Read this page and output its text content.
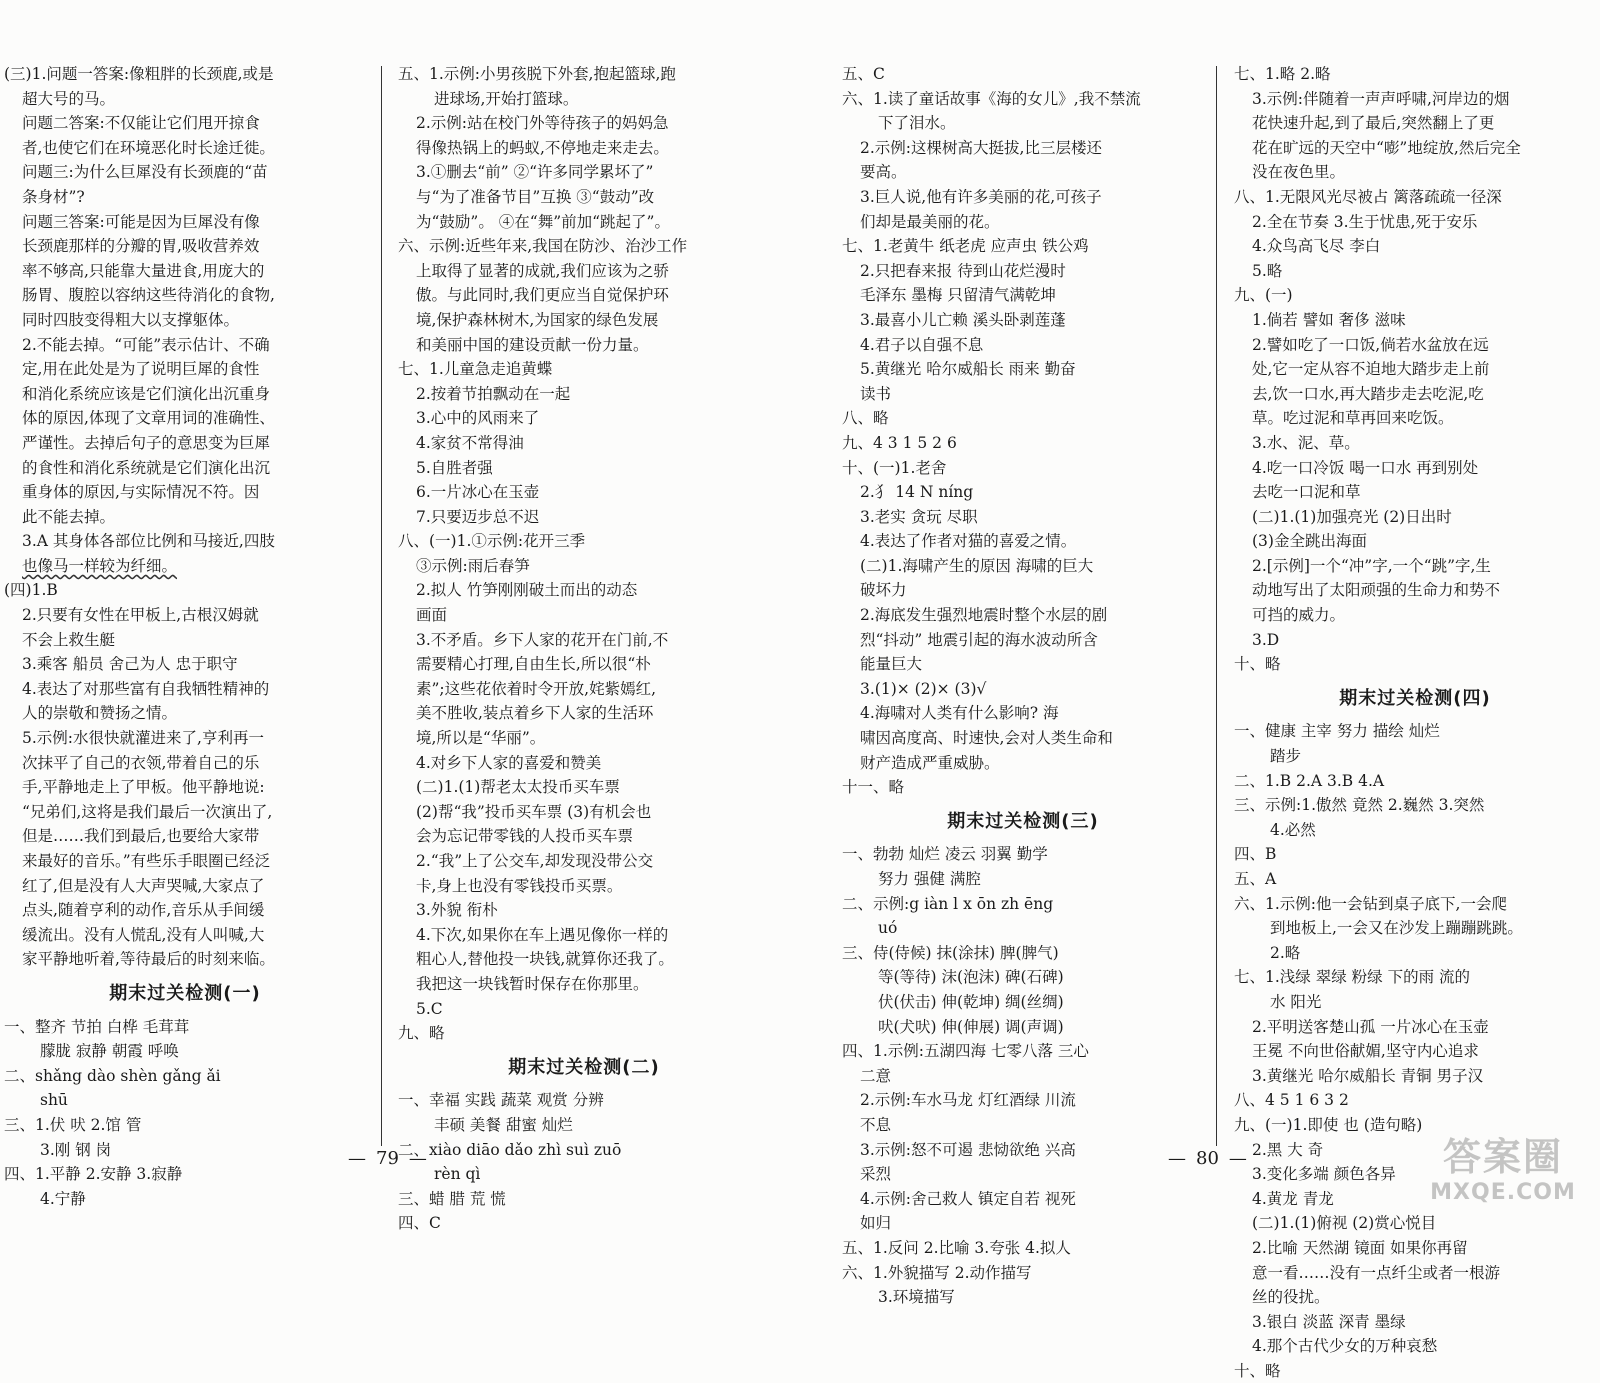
(三)1.问题一答案:像粗胖的长颈鹿,或是
超大号的马。
问题二答案:不仅能让它们甩开掠食
者,也使它们在环境恶化时长途迁徙。
问题三:为什么巨犀没有长颈鹿的“苗
条身材”?
问题三答案:可能是因为巨犀没有像
长颈鹿那样的分瓣的胃,吸收营养效
率不够高,只能靠大量进食,用庞大的
肠胃、腹腔以容纳这些待消化的食物,
同时四肢变得粗大以支撑躯体。
2.不能去掉。“可能”表示估计、不确
定,用在此处是为了说明巨犀的食性
和消化系统应该是它们演化出沉重身
体的原因,体现了文章用词的准确性、
严谨性。去掉后句子的意思变为巨犀
的食性和消化系统就是它们演化出沉
重身体的原因,与实际情况不符。因
此不能去掉。
3.A 其身体各部位比例和马接近,四肢
也像马一样较为纤细。
(四)1.B
2.只要有女性在甲板上,古根汉姆就
不会上救生艇
3.乘客 船员 舍己为人 忠于职守
4.表达了对那些富有自我牺牲精神的
人的崇敬和赞扬之情。
5.示例:水很快就灌进来了,亨利再一
次抹平了自己的衣领,带着自己的乐
手,平静地走上了甲板。他平静地说:
“兄弟们,这将是我们最后一次演出了,
但是……我们到最后,也要给大家带
来最好的音乐。”有些乐手眼圈已经泛
红了,但是没有人大声哭喊,大家点了
点头,随着亨利的动作,音乐从手间缓
缓流出。没有人慌乱,没有人叫喊,大
家平静地听着,等待最后的时刻来临。
期末过关检测(一)
一、整齐 节拍 白桦 毛茸茸
朦胧 寂静 朝霞 呼唤
二、shǎng dào shèn gǎng ǎi
shū
三、1.伏 吠 2.馆 管
3.刚 钢 岗
四、1.平静 2.安静 3.寂静
4.宁静
五、1.示例:小男孩脱下外套,抱起篮球,跑
进球场,开始打篮球。
2.示例:站在校门外等待孩子的妈妈急
得像热锅上的蚂蚁,不停地走来走去。
3.①删去“前” ②“许多同学累坏了”
与“为了准备节目”互换 ③“鼓动”改
为“鼓励”。 ④在“舞”前加“跳起了”。
六、示例:近些年来,我国在防沙、治沙工作
上取得了显著的成就,我们应该为之骄
傲。与此同时,我们更应当自觉保护环
境,保护森林树木,为国家的绿色发展
和美丽中国的建设贡献一份力量。
七、1.儿童急走追黄蝶
2.按着节拍飘动在一起
3.心中的风雨来了
4.家贫不常得油
5.自胜者强
6.一片冰心在玉壶
7.只要迈步总不迟
八、(一)1.①示例:花开三季
③示例:雨后春笋
2.拟人 竹笋刚刚破土而出的动态
画面
3.不矛盾。乡下人家的花开在门前,不
需要精心打理,自由生长,所以很“朴
素”;这些花依着时令开放,姹紫嫣红,
美不胜收,装点着乡下人家的生活环
境,所以是“华丽”。
4.对乡下人家的喜爱和赞美
(二)1.(1)帮老太太投币买车票
(2)帮“我”投币买车票 (3)有机会也
会为忘记带零钱的人投币买车票
2.“我”上了公交车,却发现没带公交
卡,身上也没有零钱投币买票。
3.外貌 衔朴
4.下次,如果你在车上遇见像你一样的
粗心人,替他投一块钱,就算你还我了。
我把这一块钱暂时保存在你那里。
5.C
九、略
期末过关检测(二)
一、幸福 实践 蔬菜 观赏 分辨
丰硕 美餐 甜蜜 灿烂
二、xiào diāo dǎo zhì suì zuō
rèn qì
三、蜡 腊 荒 慌
四、C
五、C
六、1.读了童话故事《海的女儿》,我不禁流
下了泪水。
2.示例:这棵树高大挺拔,比三层楼还
要高。
3.巨人说,他有许多美丽的花,可孩子
们却是最美丽的花。
七、1.老黄牛 纸老虎 应声虫 铁公鸡
2.只把春来报 待到山花烂漫时
毛泽东 墨梅 只留清气满乾坤
3.最喜小儿亡赖 溪头卧剥莲蓬
4.君子以自强不息
5.黄继光 哈尔威船长 雨来 勤奋
读书
八、略
九、4 3 1 5 2 6
十、(一)1.老舍
2.犭 14 N níng
3.老实 贪玩 尽职
4.表达了作者对猫的喜爱之情。
(二)1.海啸产生的原因 海啸的巨大
破坏力
2.海底发生强烈地震时整个水层的剧
烈“抖动” 地震引起的海水波动所含
能量巨大
3.(1)× (2)× (3)√
4.海啸对人类有什么影响? 海
啸因高度高、时速快,会对人类生命和
财产造成严重威胁。
十一、略
期末过关检测(三)
一、勃勃 灿烂 凌云 羽翼 勤学
努力 强健 满腔
二、示例:g iàn l x ōn zh ēng
uó
三、侍(侍候) 抹(涂抹) 脾(脾气)
等(等待) 沫(泡沫) 碑(石碑)
伏(伏击) 伸(乾坤) 绸(丝绸)
吠(犬吠) 伸(伸展) 调(声调)
四、1.示例:五湖四海 七零八落 三心
二意
2.示例:车水马龙 灯红酒绿 川流
不息
3.示例:怒不可遏 悲恸欲绝 兴高
采烈
4.示例:舍己救人 镇定自若 视死
如归
五、1.反问 2.比喻 3.夸张 4.拟人
六、1.外貌描写 2.动作描写
3.环境描写
七、1.略 2.略
3.示例:伴随着一声声呼啸,河岸边的烟
花快速升起,到了最后,突然翻上了更
花在旷远的天空中“嘭”地绽放,然后完全
没在夜色里。
八、1.无限风光尽被占 篱落疏疏一径深
2.全在节奏 3.生于忧患,死于安乐
4.众鸟高飞尽 李白
5.略
九、(一)
1.倘若 譬如 奢侈 滋味
2.譬如吃了一口饭,倘若水盆放在远
处,它一定从容不迫地大踏步走上前
去,饮一口水,再大踏步走去吃泥,吃
草。吃过泥和草再回来吃饭。
3.水、泥、草。
4.吃一口冷饭 喝一口水 再到别处
去吃一口泥和草
(二)1.(1)加强亮光 (2)日出时
(3)金全跳出海面
2.[示例]一个“冲”字,一个“跳”字,生
动地写出了太阳顽强的生命力和势不
可挡的威力。
3.D
十、略
期末过关检测(四)
一、健康 主宰 努力 描绘 灿烂
踏步
二、1.B 2.A 3.B 4.A
三、示例:1.傲然 竟然 2.巍然 3.突然
4.必然
四、B
五、A
六、1.示例:他一会钻到桌子底下,一会爬
到地板上,一会又在沙发上蹦蹦跳跳。
2.略
七、1.浅绿 翠绿 粉绿 下的雨 流的
水 阳光
2.平明送客楚山孤 一片冰心在玉壶
王冕 不向世俗献媚,坚守内心追求
3.黄继光 哈尔威船长 青铜 男子汉
八、4 5 1 6 3 2
九、(一)1.即使 也 (造句略)
2.黑 大 奇
3.变化多端 颜色各异
4.黄龙 青龙
(二)1.(1)俯视 (2)赏心悦目
2.比喻 天然湖 镜面 如果你再留
意一看……没有一点纤尘或者一根游
丝的役扰。
3.银白 淡蓝 深青 墨绿
4.那个古代少女的万种哀愁
十、略
— 79 —
—	80 —	答案圈
MXQE.COM
